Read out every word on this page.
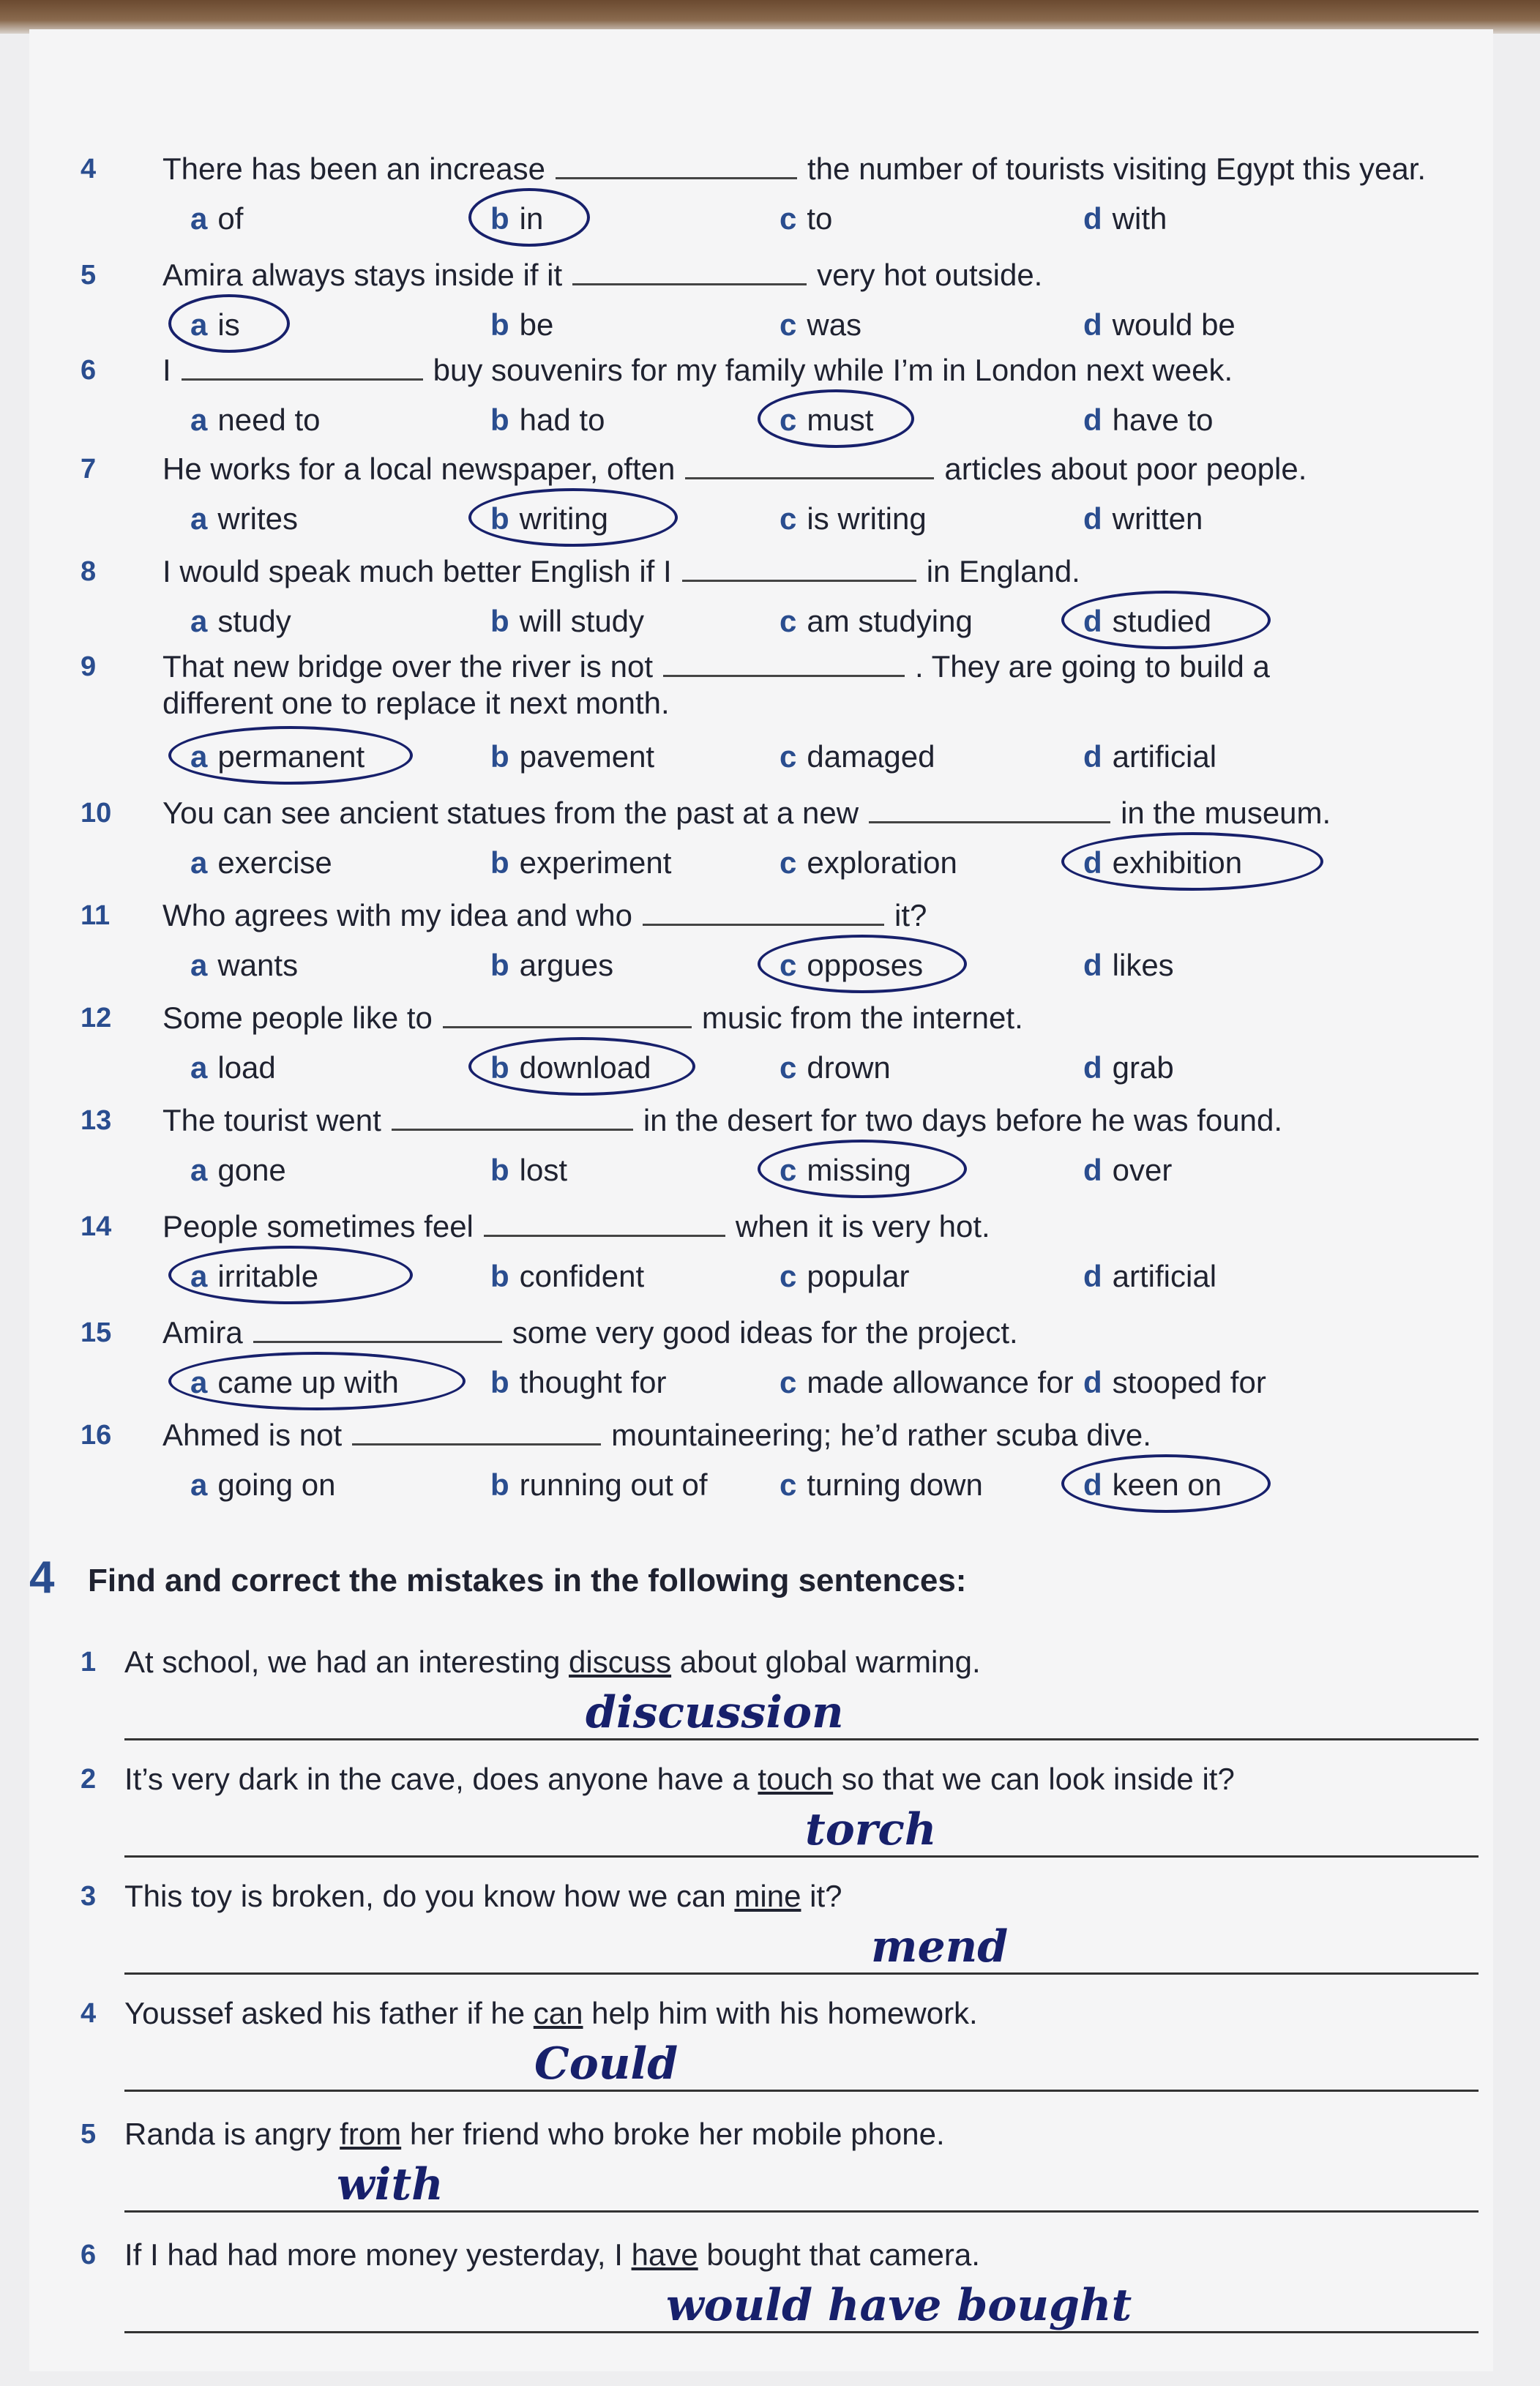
4 There has been an increase	the number of tourists visiting Egypt this year.
a of	b in	c to	d with
5 Amira always stays inside if it	very hot outside.
a is	b be	c was	d would be
6 I	buy souvenirs for my family while I’m in London next week.
a need to	b had to	c must	d have to
7 He works for a local newspaper, often	articles about poor people.
a writes	b writing	c is writing	d written
8 I would speak much better English if I	in England.
a study	b will study	c am studying	d studied
9 That new bridge over the river is not	. They are going to build a
different one to replace it next month.
a permanent	b pavement	c damaged	d artificial
10 You can see ancient statues from the past at a new	in the museum.
a exercise	b experiment	c exploration	d exhibition
11 Who agrees with my idea and who	it?
a wants	b argues	c opposes	d likes
12 Some people like to	music from the internet.
a load	b download	c drown	d grab
13 The tourist went	in the desert for two days before he was found.
a gone	b lost	c missing	d over
14 People sometimes feel	when it is very hot.
a irritable	b confident	c popular	d artificial
15 Amira	some very good ideas for the project.
a came up with	b thought for	c made allowance for d stooped for
16 Ahmed is not	mountaineering; he’d rather scuba dive.
a going on	b running out of c turning down	d keen on
4 Find and correct the mistakes in the following sentences:
1 At school, we had an interesting discuss about global warming.
discussion
2 It’s very dark in the cave, does anyone have a touch so that we can look inside it?
torch
3 This toy is broken, do you know how we can mine it?
mend
4 Youssef asked his father if he can help him with his homework.
Could
5 Randa is angry from her friend who broke her mobile phone.
with
6 If I had had more money yesterday, I have bought that camera.
would have bought
